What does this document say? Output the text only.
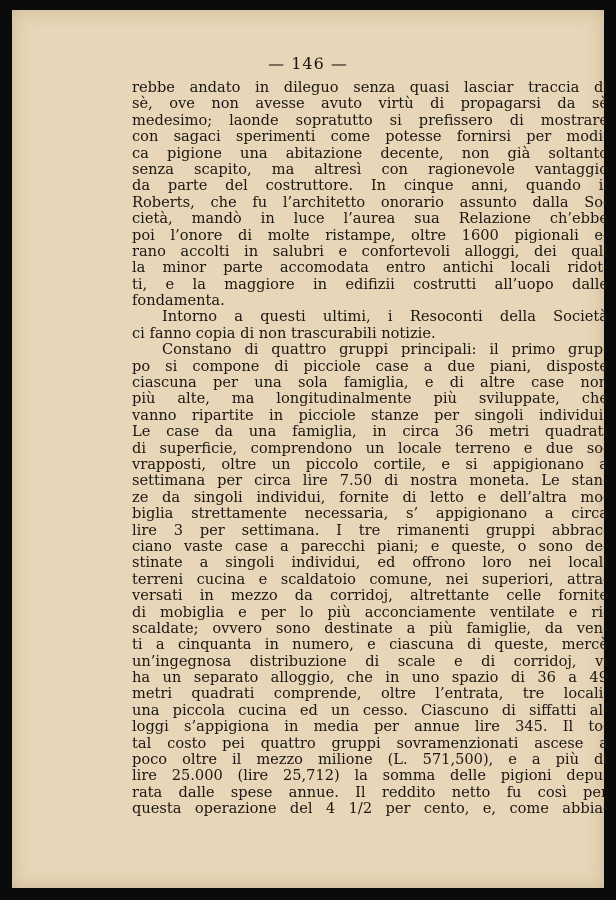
— 146 —
rebbe andato in dileguo senza quasi lasciar traccia di
sè, ove non avesse avuto virtù di propagarsi da sè
medesimo; laonde sopratutto si prefissero di mostrare
con sagaci sperimenti come potesse fornirsi per modi-
ca pigione una abitazione decente, non già soltanto
senza scapito, ma altresì con ragionevole vantaggio
da parte del costruttore. In cinque anni, quando il
Roberts, che fu l’architetto onorario assunto dalla So-
cietà, mandò in luce l’aurea sua Relazione ch’ebbe
poi l’onore di molte ristampe, oltre 1600 pigionali e-
rano accolti in salubri e confortevoli alloggi, dei quali
la minor parte accomodata entro antichi locali ridot-
ti, e la maggiore in edifizii costrutti all’uopo dalle
fondamenta.
Intorno a questi ultimi, i Resoconti della Società
ci fanno copia di non trascurabili notizie.
Constano di quattro gruppi principali: il primo grup-
po si compone di picciole case a due piani, disposte
ciascuna per una sola famiglia, e di altre case non
più alte, ma longitudinalmente più sviluppate, che
vanno ripartite in picciole stanze per singoli individui.
Le case da una famiglia, in circa 36 metri quadrati
di superficie, comprendono un locale terreno e due so-
vrapposti, oltre un piccolo cortile, e si appigionano a
settimana per circa lire 7.50 di nostra moneta. Le stan-
ze da singoli individui, fornite di letto e dell’altra mo-
biglia strettamente necessaria, s’ appigionano a circa
lire 3 per settimana. I tre rimanenti gruppi abbrac-
ciano vaste case a parecchi piani; e queste, o sono de-
stinate a singoli individui, ed offrono loro nei locali
terreni cucina e scaldatoio comune, nei superiori, attra-
versati in mezzo da corridoj, altrettante celle fornite
di mobiglia e per lo più acconciamente ventilate e ri-
scaldate; ovvero sono destinate a più famiglie, da ven-
ti a cinquanta in numero, e ciascuna di queste, mercè
un’ingegnosa distribuzione di scale e di corridoj, vi
ha un separato alloggio, che in uno spazio di 36 a 49
metri quadrati comprende, oltre l’entrata, tre locali,
una piccola cucina ed un cesso. Ciascuno di siffatti al-
loggi s’appigiona in media per annue lire 345. Il to-
tal costo pei quattro gruppi sovramenzionati ascese a
poco oltre il mezzo milione (L. 571,500), e a più di
lire 25.000 (lire 25,712) la somma delle pigioni depu-
rata dalle spese annue. Il reddito netto fu così per
questa operazione del 4 1/2 per cento, e, come abbia-
